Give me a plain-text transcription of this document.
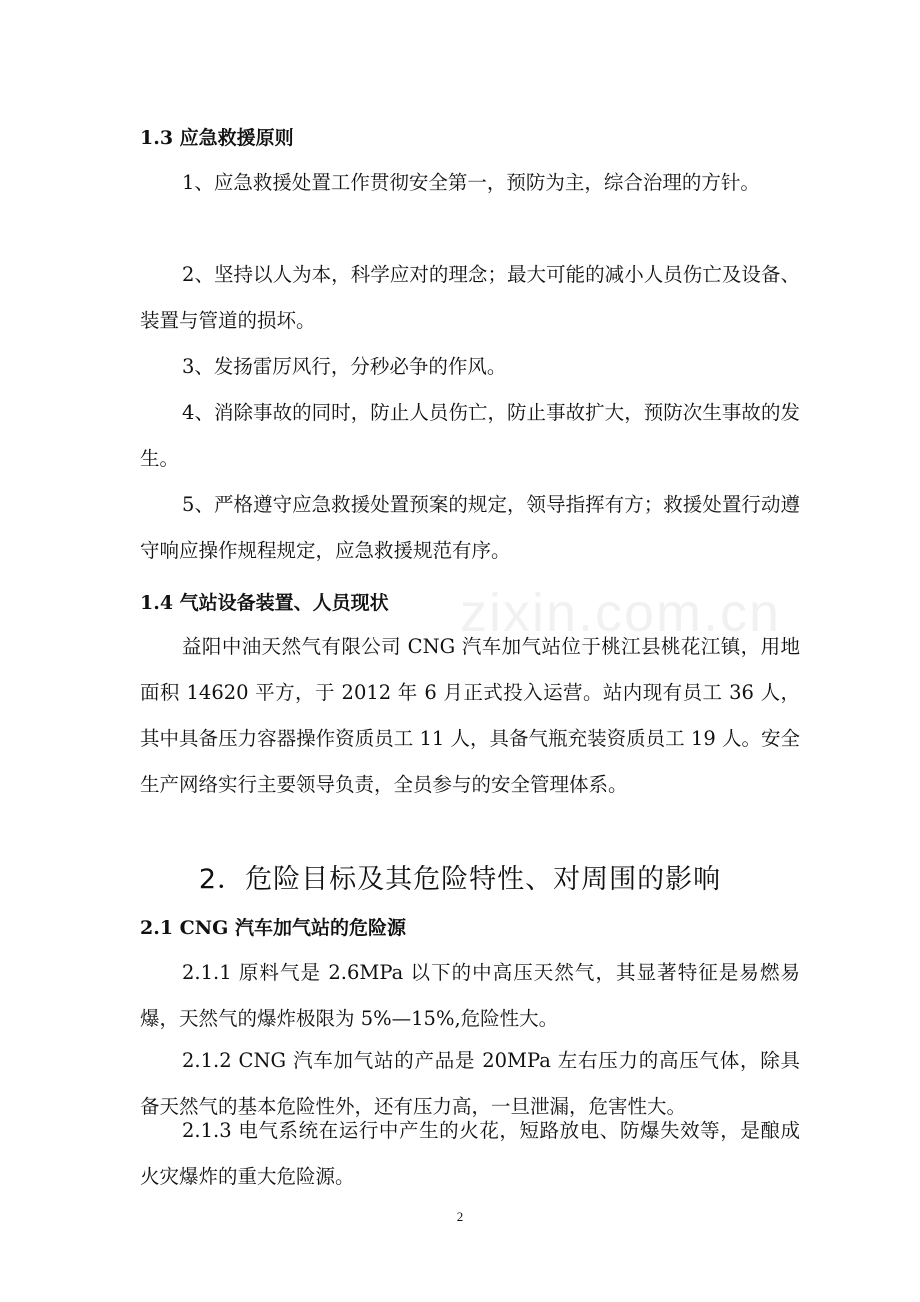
zixin.com.cn
1.3 应急救援原则

1、应急救援处置工作贯彻安全第一，预防为主，综合治理的方针。

2、坚持以人为本，科学应对的理念；最大可能的减小人员伤亡及设备、装置与管道的损坏。

3、发扬雷厉风行，分秒必争的作风。

4、消除事故的同时，防止人员伤亡，防止事故扩大，预防次生事故的发生。

5、严格遵守应急救援处置预案的规定，领导指挥有方；救援处置行动遵守响应操作规程规定，应急救援规范有序。

1.4 气站设备装置、人员现状

益阳中油天然气有限公司 CNG 汽车加气站位于桃江县桃花江镇，用地面积 14620 平方，于 2012 年 6 月正式投入运营。站内现有员工 36 人，其中具备压力容器操作资质员工 11 人，具备气瓶充装资质员工 19 人。安全生产网络实行主要领导负责，全员参与的安全管理体系。

2．危险目标及其危险特性、对周围的影响
2.1 CNG 汽车加气站的危险源

2.1.1 原料气是 2.6MPa 以下的中高压天然气，其显著特征是易燃易爆，天然气的爆炸极限为 5%—15%,危险性大。

2.1.2 CNG 汽车加气站的产品是 20MPa 左右压力的高压气体，除具备天然气的基本危险性外，还有压力高，一旦泄漏，危害性大。

2.1.3 电气系统在运行中产生的火花，短路放电、防爆失效等，是酿成火灾爆炸的重大危险源。

2
